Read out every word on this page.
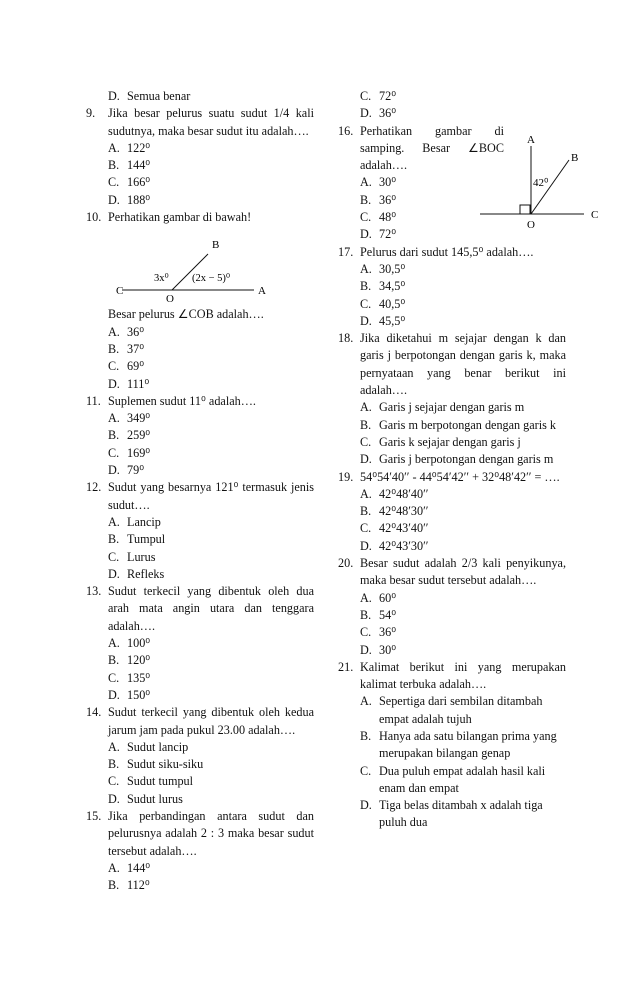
D. Semua benar
9.	Jika besar pelurus suatu sudut 1/4 kali sudutnya, maka besar sudut itu adalah….
A. 122⁰
B. 144⁰
C. 166⁰
D. 188⁰
10. Perhatikan gambar di bawah!
B
C	A
3x⁰ (2x − 5)⁰
O
Besar pelurus ∠COB adalah….
A. 36⁰
B. 37⁰
C. 69⁰
D. 111⁰
11. Suplemen sudut 11⁰ adalah….
A. 349⁰
B. 259⁰
C. 169⁰
D. 79⁰
12. Sudut yang besarnya 121⁰ termasuk jenis sudut….
A. Lancip
B. Tumpul
C. Lurus
D. Refleks
13. Sudut terkecil yang dibentuk oleh dua arah mata angin utara dan tenggara adalah….
A. 100⁰
B. 120⁰
C. 135⁰
D. 150⁰
14. Sudut terkecil yang dibentuk oleh kedua jarum jam pada pukul 23.00 adalah….
A. Sudut lancip
B. Sudut siku-siku
C. Sudut tumpul
D. Sudut lurus
15. Jika perbandingan antara sudut dan pelurusnya adalah 2 : 3 maka besar sudut tersebut adalah….
A. 144⁰
B. 112⁰
C. 72⁰
D. 36⁰
16. Perhatikan gambar di samping. Besar ∠BOC adalah….
A. 30⁰
B. 36⁰
C. 48⁰
D. 72⁰
17. Pelurus dari sudut 145,5⁰ adalah….
A. 30,5⁰
B. 34,5⁰
C. 40,5⁰
D. 45,5⁰
18. Jika diketahui m sejajar dengan k dan garis j berpotongan dengan garis k, maka pernyataan yang benar berikut ini adalah….
A. Garis j sejajar dengan garis m
B. Garis m berpotongan dengan garis k
C. Garis k sejajar dengan garis j
D. Garis j berpotongan dengan garis m
19. 54⁰54′40′′ - 44⁰54′42′′ + 32⁰48′42′′ = ….
A. 42⁰48′40′′
B. 42⁰48′30′′
C. 42⁰43′40′′
D. 42⁰43′30′′
20. Besar sudut adalah 2/3 kali penyikunya, maka besar sudut tersebut adalah….
A. 60⁰
B. 54⁰
C. 36⁰
D. 30⁰
21. Kalimat berikut ini yang merupakan kalimat terbuka adalah….
A. Sepertiga dari sembilan ditambah empat adalah tujuh
B. Hanya ada satu bilangan prima yang merupakan bilangan genap
C. Dua puluh empat adalah hasil kali enam dan empat
D. Tiga belas ditambah x adalah tiga puluh dua
A
B
C
O
42⁰
